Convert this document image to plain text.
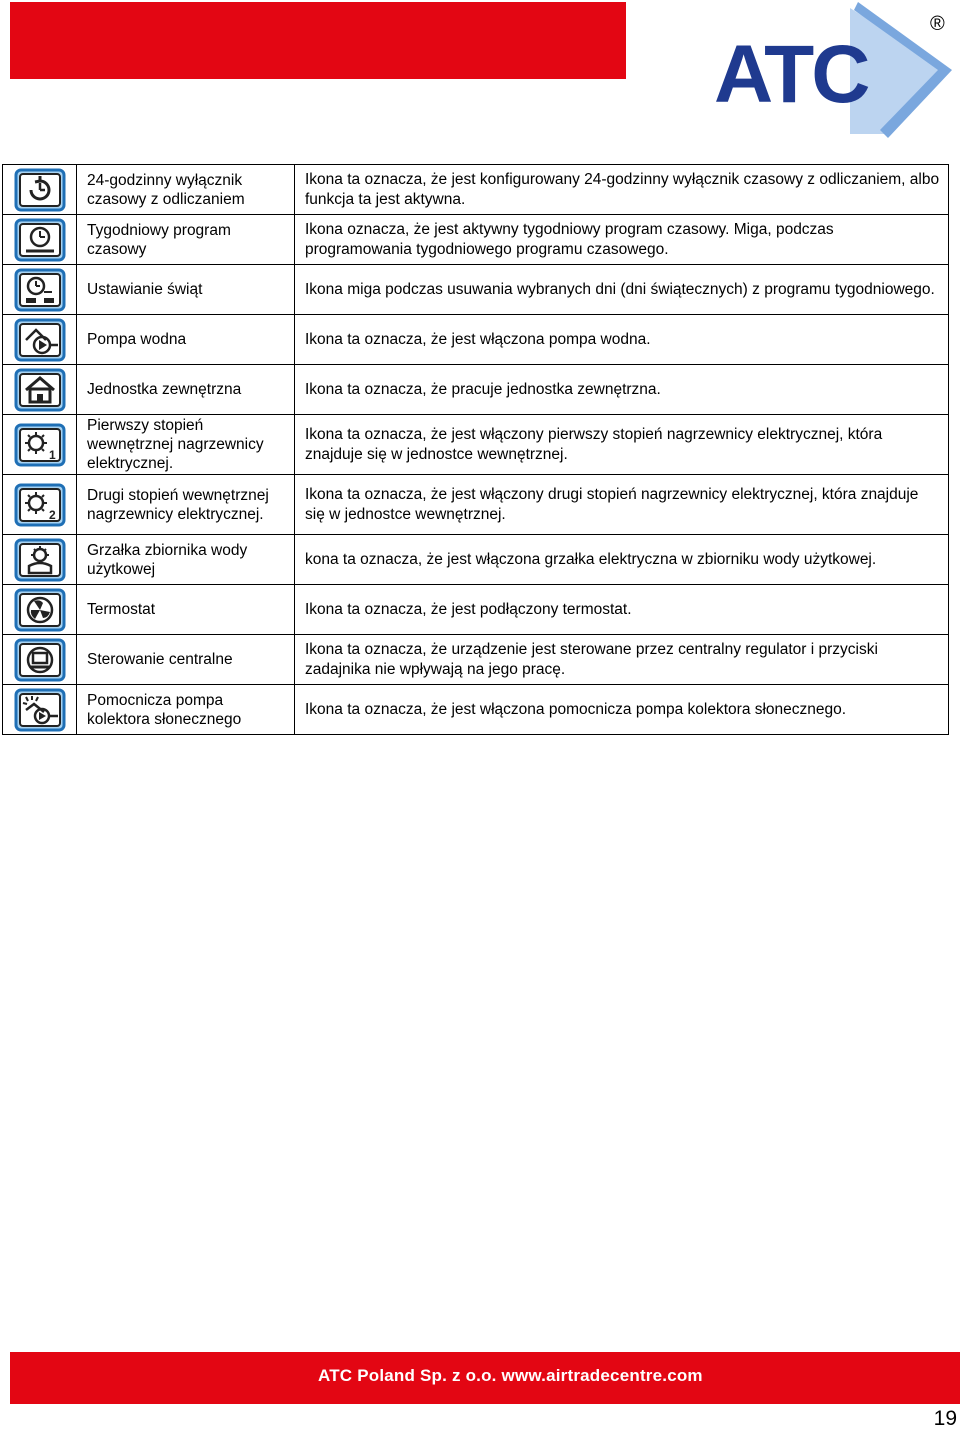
ATC
®
	24-godzinny wyłącznik czasowy z odliczaniem	Ikona ta oznacza, że jest konfigurowany 24-godzinny wyłącznik czasowy z odliczaniem, albo funkcja ta jest aktywna.

	Tygodniowy program czasowy	Ikona oznacza, że jest aktywny tygodniowy program czasowy. Miga, podczas programowania tygodniowego programu czasowego.

	Ustawianie świąt	Ikona miga podczas usuwania wybranych dni (dni świątecznych) z programu tygodniowego.

	Pompa wodna	Ikona ta oznacza, że jest włączona pompa wodna.

	Jednostka zewnętrzna	Ikona ta oznacza, że pracuje jednostka zewnętrzna.

1	Pierwszy stopień wewnętrznej nagrzewnicy elektrycznej.	Ikona ta oznacza, że jest włączony pierwszy stopień nagrzewnicy elektrycznej, która znajduje się w jednostce wewnętrznej.

2	Drugi stopień wewnętrznej nagrzewnicy elektrycznej.	Ikona ta oznacza, że jest włączony drugi stopień nagrzewnicy elektrycznej, która znajduje się w jednostce wewnętrznej.

	Grzałka zbiornika wody użytkowej	kona ta oznacza, że jest włączona grzałka elektryczna w zbiorniku wody użytkowej.

	Termostat	Ikona ta oznacza, że jest podłączony termostat.

	Sterowanie centralne	Ikona ta oznacza, że urządzenie jest sterowane przez centralny regulator i przyciski zadajnika nie wpływają na jego pracę.

	Pomocnicza pompa kolektora słonecznego	Ikona ta oznacza, że jest włączona pomocnicza pompa kolektora słonecznego.
ATC Poland Sp. z o.o. www.airtradecentre.com
19
